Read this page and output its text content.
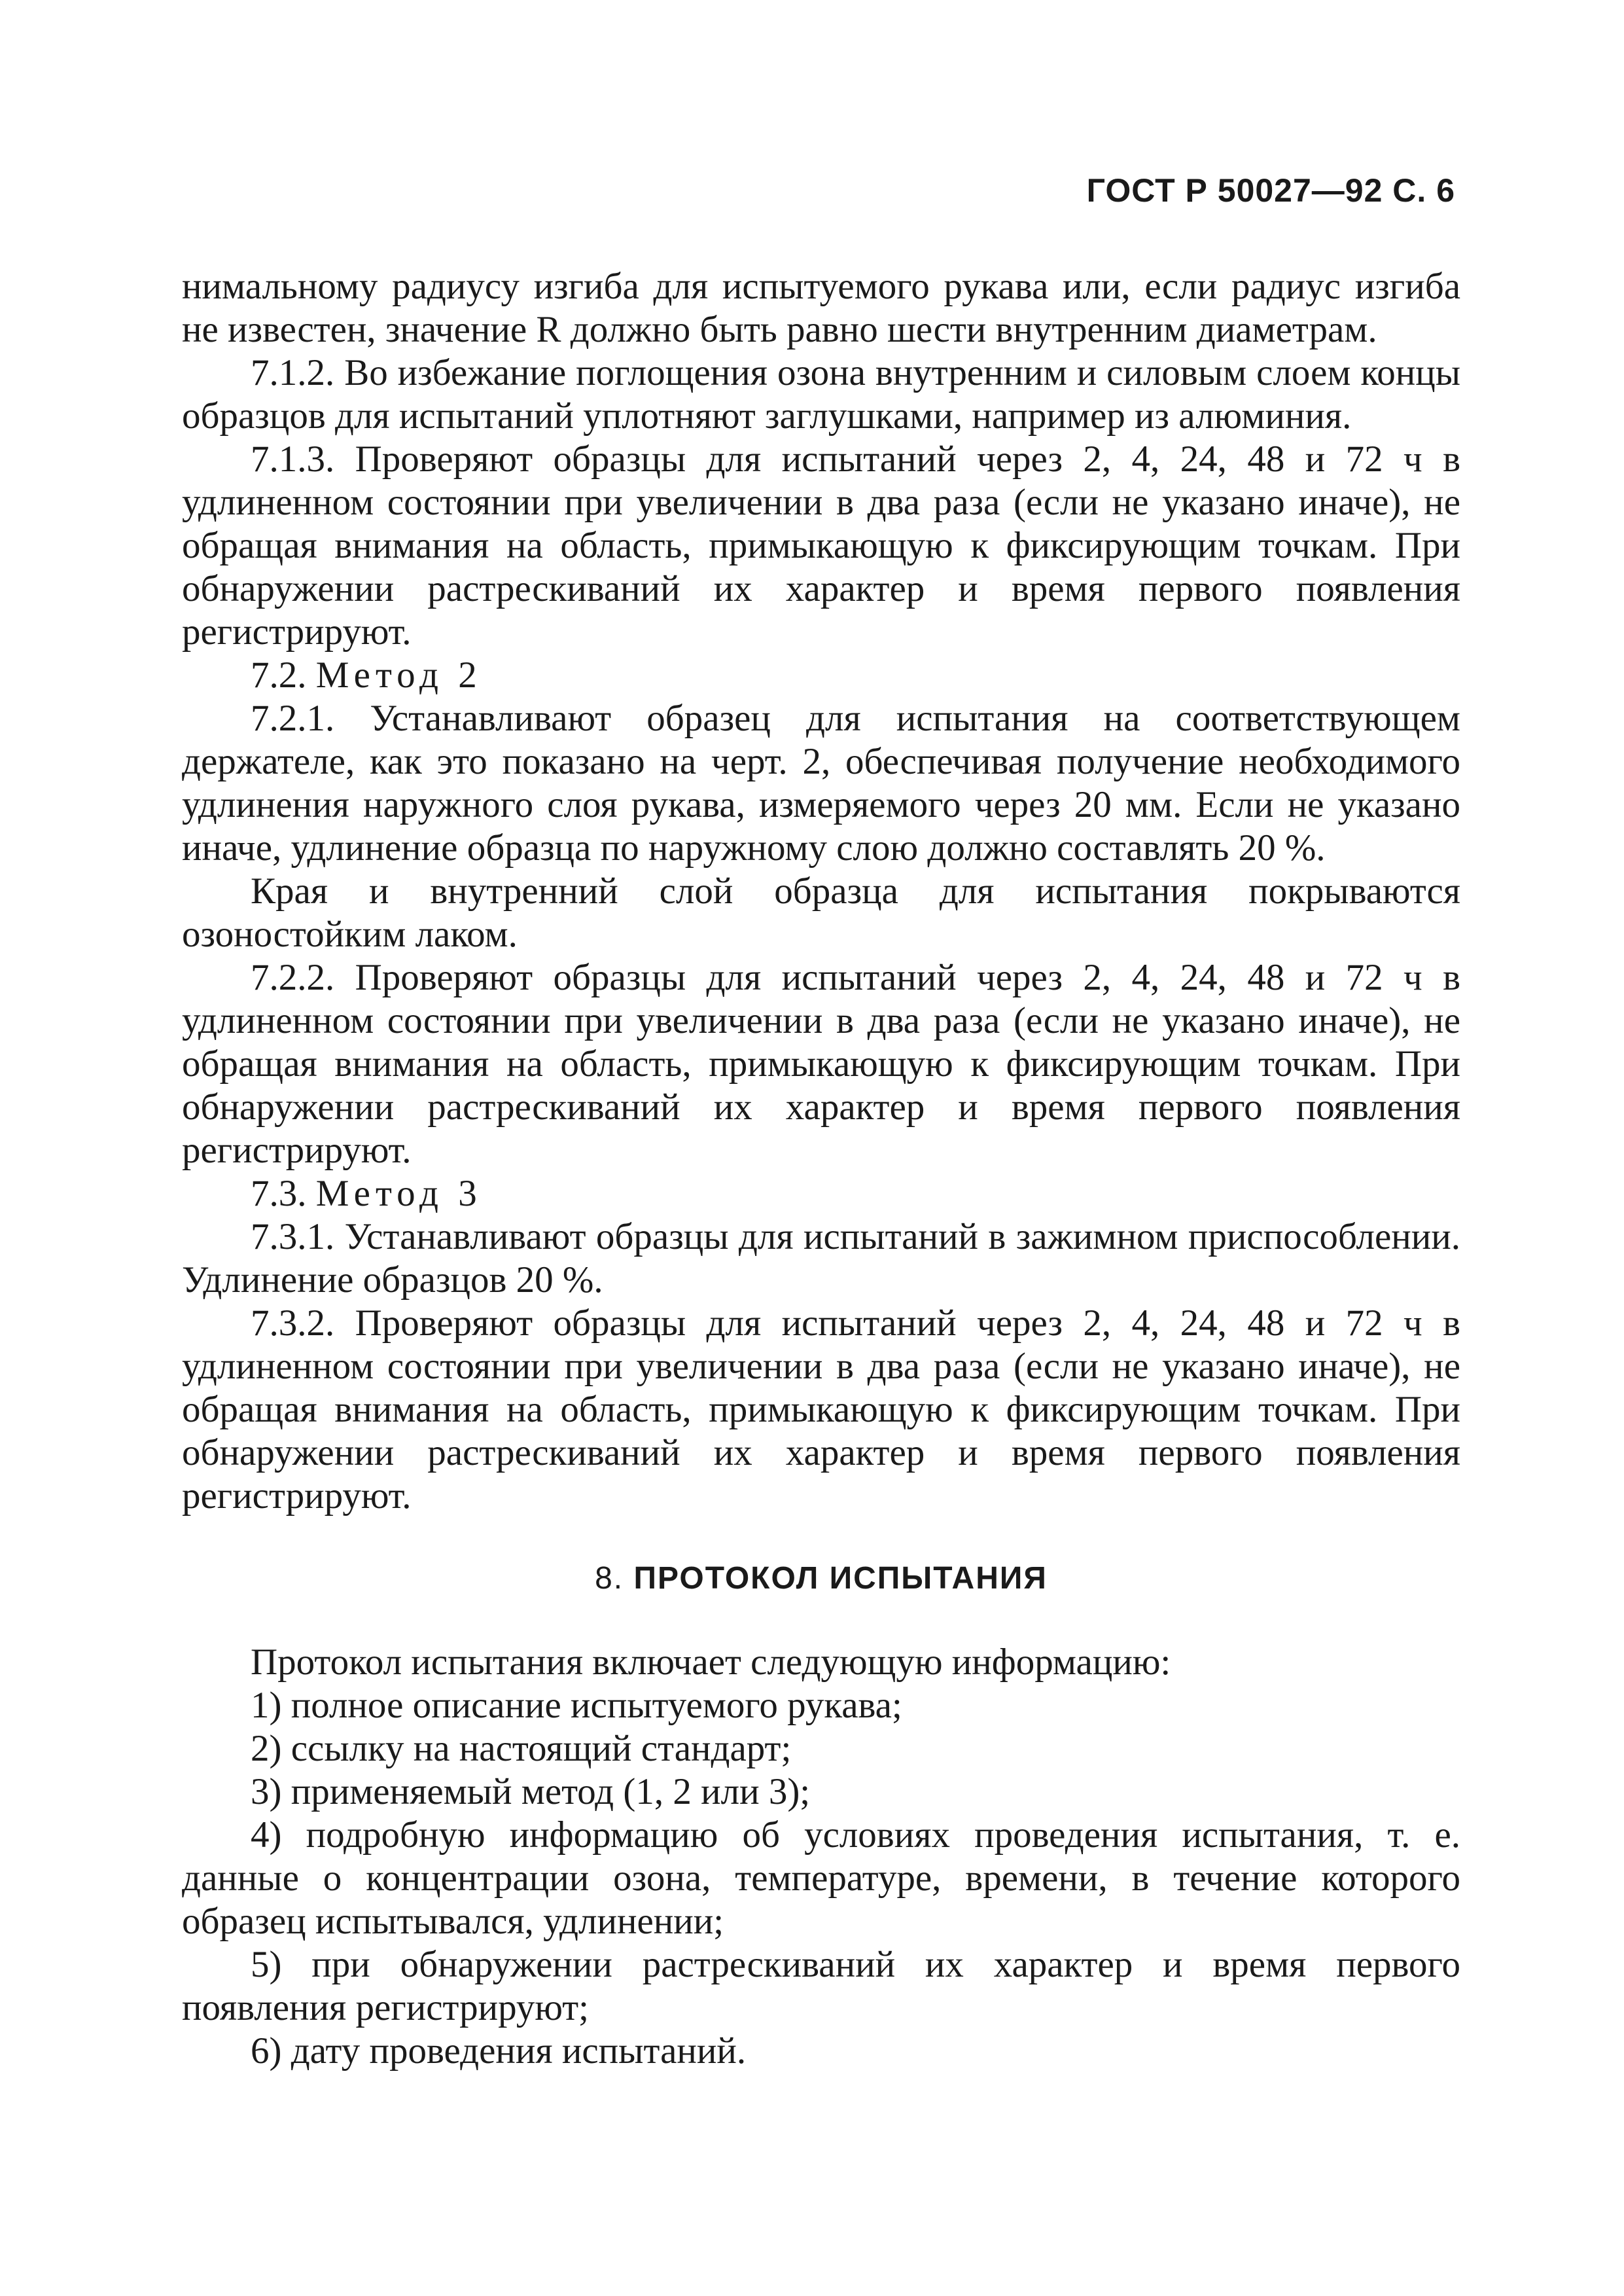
ГОСТ Р 50027—92 С. 6

нимальному радиусу изгиба для испытуемого рукава или, если радиус изгиба не известен, значение R должно быть равно шести внутренним диаметрам.

7.1.2. Во избежание поглощения озона внутренним и силовым слоем концы образцов для испытаний уплотняют заглушками, например из алюминия.

7.1.3. Проверяют образцы для испытаний через 2, 4, 24, 48 и 72 ч в удлиненном состоянии при увеличении в два раза (если не указано иначе), не обращая внимания на область, примыкающую к фиксирующим точкам. При обнаружении растрескиваний их характер и время первого появления регистрируют.

7.2. Метод 2

7.2.1. Устанавливают образец для испытания на соответствующем держателе, как это показано на черт. 2, обеспечивая получение необходимого удлинения наружного слоя рукава, измеряемого через 20 мм. Если не указано иначе, удлинение образца по наружному слою должно составлять 20 %.

Края и внутренний слой образца для испытания покрываются озоностойким лаком.

7.2.2. Проверяют образцы для испытаний через 2, 4, 24, 48 и 72 ч в удлиненном состоянии при увеличении в два раза (если не указано иначе), не обращая внимания на область, примыкающую к фиксирующим точкам. При обнаружении растрескиваний их характер и время первого появления регистрируют.

7.3. Метод 3

7.3.1. Устанавливают образцы для испытаний в зажимном приспособлении. Удлинение образцов 20 %.

7.3.2. Проверяют образцы для испытаний через 2, 4, 24, 48 и 72 ч в удлиненном состоянии при увеличении в два раза (если не указано иначе), не обращая внимания на область, примыкающую к фиксирующим точкам. При обнаружении растрескиваний их характер и время первого появления регистрируют.

8. ПРОТОКОЛ ИСПЫТАНИЯ

Протокол испытания включает следующую информацию:

1) полное описание испытуемого рукава;

2) ссылку на настоящий стандарт;

3) применяемый метод (1, 2 или 3);

4) подробную информацию об условиях проведения испытания, т. е. данные о концентрации озона, температуре, времени, в течение которого образец испытывался, удлинении;

5) при обнаружении растрескиваний их характер и время первого появления регистрируют;

6) дату проведения испытаний.
